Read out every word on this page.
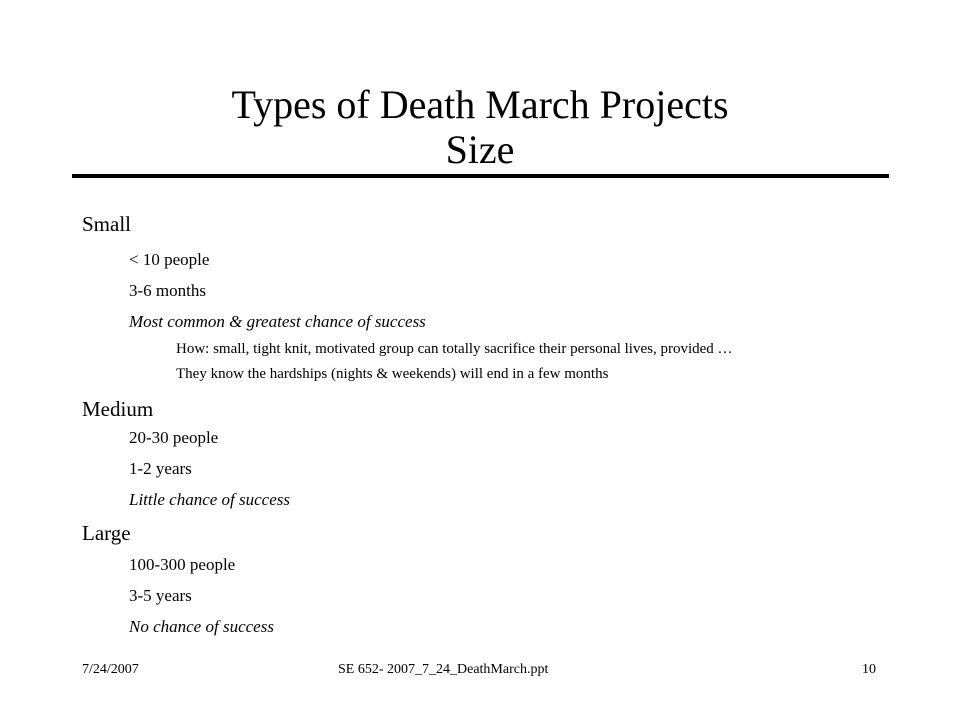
Types of Death March Projects
Size
Small
< 10 people
3-6 months
Most common & greatest chance of success
How: small, tight knit, motivated group can totally sacrifice their personal lives, provided …
They know the hardships (nights & weekends) will end in a few months
Medium
20-30 people
1-2 years
Little chance of success
Large
100-300 people
3-5 years
No chance of success
7/24/2007	SE 652- 2007_7_24_DeathMarch.ppt	10
